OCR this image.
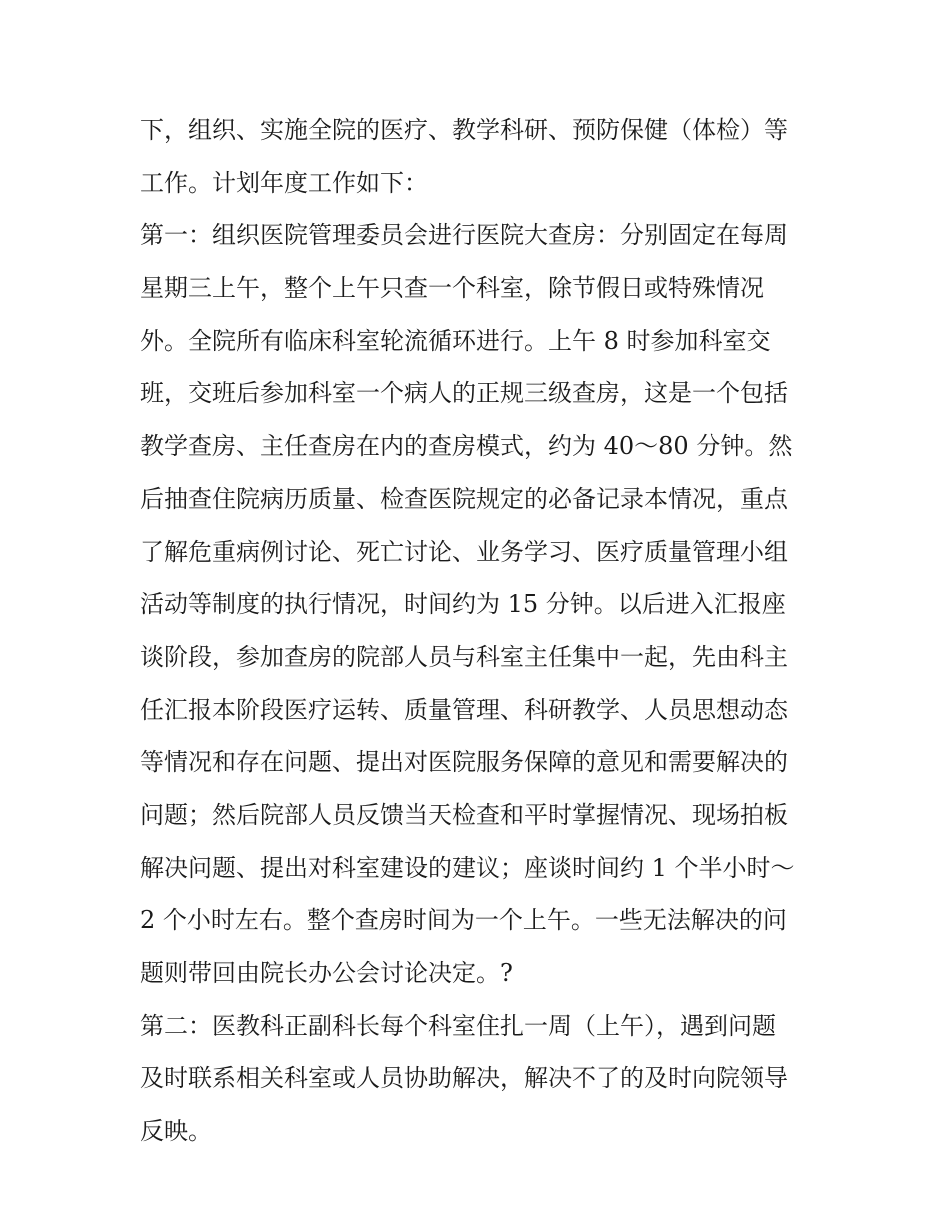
下，组织、实施全院的医疗、教学科研、预防保健（体检）等
工作。计划年度工作如下：
第一：组织医院管理委员会进行医院大查房：分别固定在每周
星期三上午，整个上午只查一个科室，除节假日或特殊情况
外。全院所有临床科室轮流循环进行。上午 8 时参加科室交
班，交班后参加科室一个病人的正规三级查房，这是一个包括
教学查房、主任查房在内的查房模式，约为 40～80 分钟。然
后抽查住院病历质量、检查医院规定的必备记录本情况，重点
了解危重病例讨论、死亡讨论、业务学习、医疗质量管理小组
活动等制度的执行情况，时间约为 15 分钟。以后进入汇报座
谈阶段，参加查房的院部人员与科室主任集中一起，先由科主
任汇报本阶段医疗运转、质量管理、科研教学、人员思想动态
等情况和存在问题、提出对医院服务保障的意见和需要解决的
问题；然后院部人员反馈当天检查和平时掌握情况、现场拍板
解决问题、提出对科室建设的建议；座谈时间约 1 个半小时～
2 个小时左右。整个查房时间为一个上午。一些无法解决的问
题则带回由院长办公会讨论决定。?
第二：医教科正副科长每个科室住扎一周（上午），遇到问题
及时联系相关科室或人员协助解决，解决不了的及时向院领导
反映。
